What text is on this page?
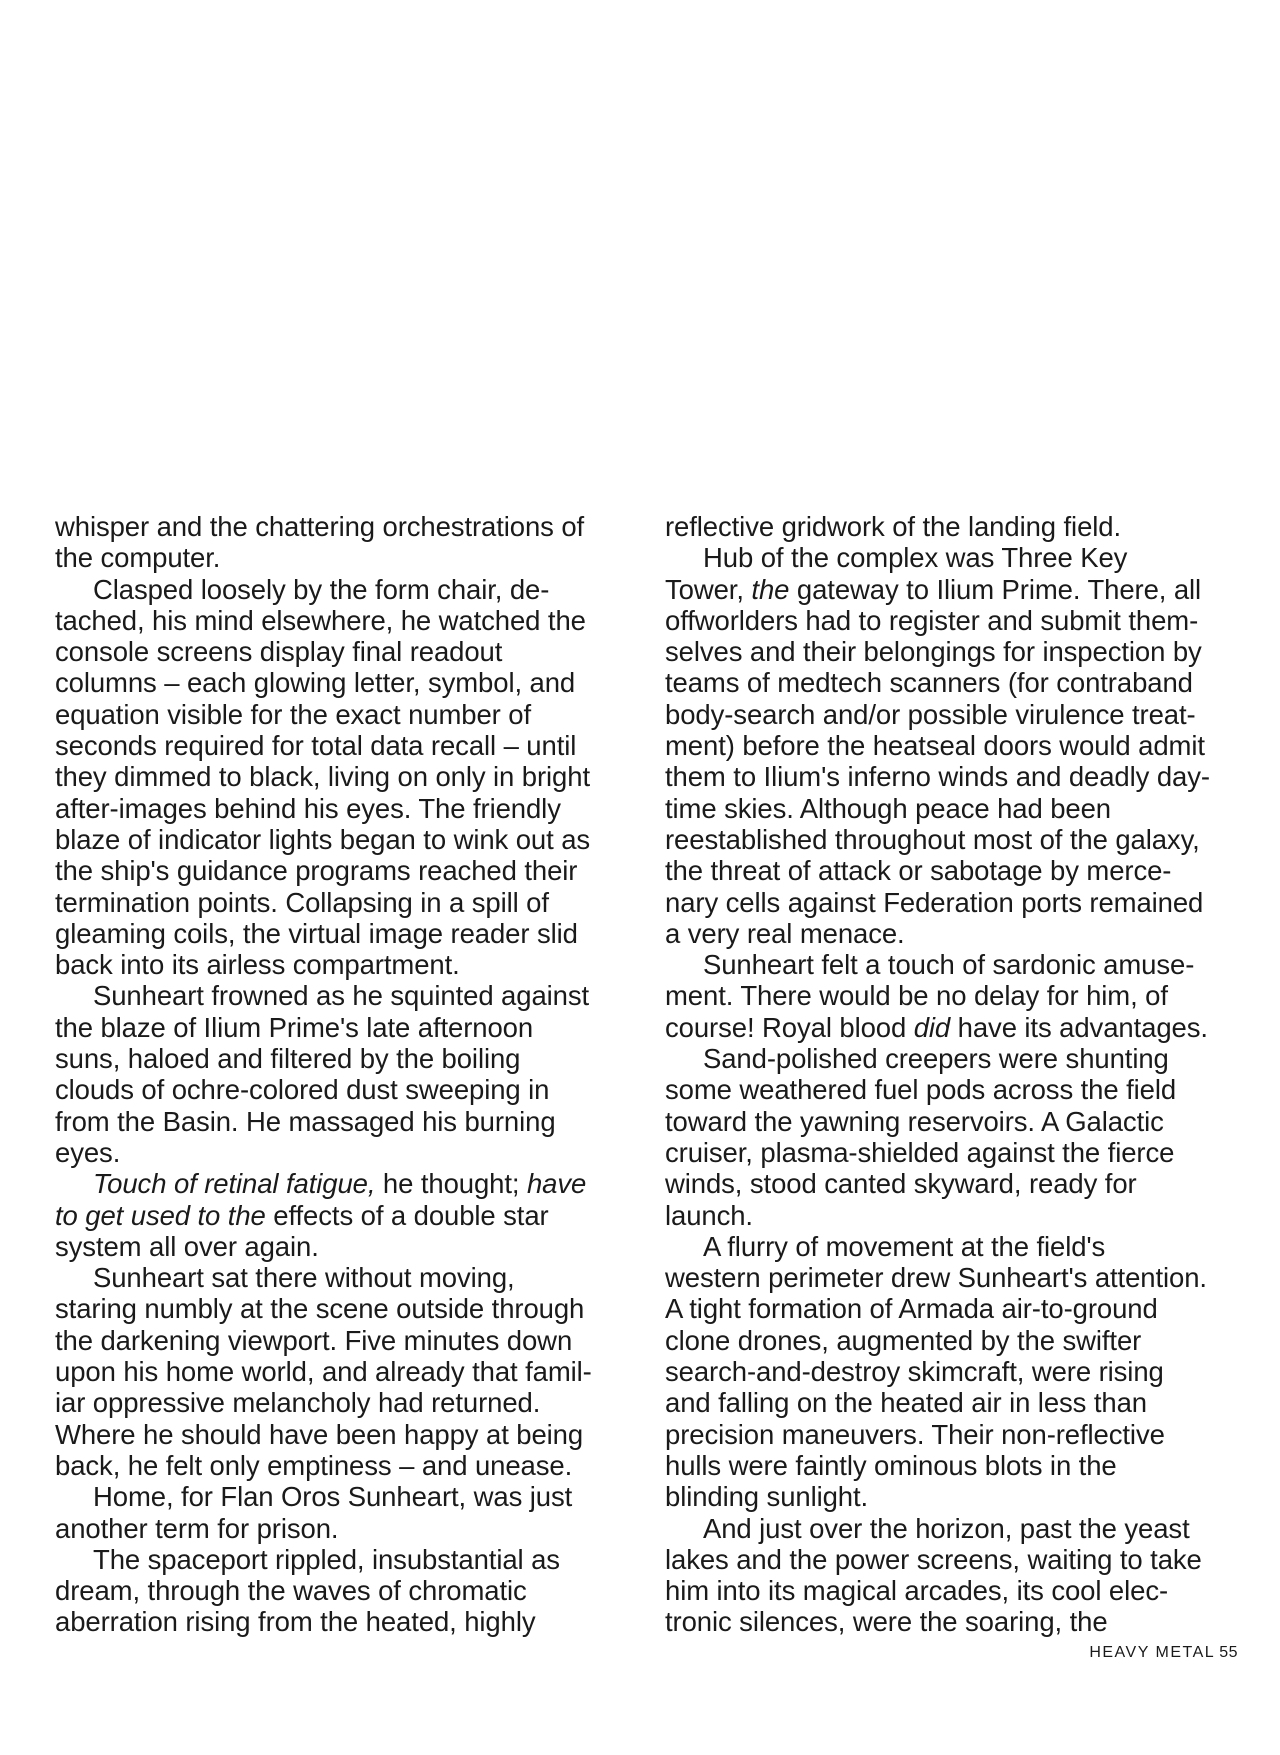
whisper and the chattering orchestrations of
the computer.
Clasped loosely by the form chair, de-
tached, his mind elsewhere, he watched the
console screens display final readout
columns – each glowing letter, symbol, and
equation visible for the exact number of
seconds required for total data recall – until
they dimmed to black, living on only in bright
after-images behind his eyes. The friendly
blaze of indicator lights began to wink out as
the ship's guidance programs reached their
termination points. Collapsing in a spill of
gleaming coils, the virtual image reader slid
back into its airless compartment.
Sunheart frowned as he squinted against
the blaze of Ilium Prime's late afternoon
suns, haloed and filtered by the boiling
clouds of ochre-colored dust sweeping in
from the Basin. He massaged his burning
eyes.
Touch of retinal fatigue, he thought; have
to get used to the effects of a double star
system all over again.
Sunheart sat there without moving,
staring numbly at the scene outside through
the darkening viewport. Five minutes down
upon his home world, and already that famil-
iar oppressive melancholy had returned.
Where he should have been happy at being
back, he felt only emptiness – and unease.
Home, for Flan Oros Sunheart, was just
another term for prison.
The spaceport rippled, insubstantial as
dream, through the waves of chromatic
aberration rising from the heated, highly
reflective gridwork of the landing field.
Hub of the complex was Three Key
Tower, the gateway to Ilium Prime. There, all
offworlders had to register and submit them-
selves and their belongings for inspection by
teams of medtech scanners (for contraband
body-search and/or possible virulence treat-
ment) before the heatseal doors would admit
them to Ilium's inferno winds and deadly day-
time skies. Although peace had been
reestablished throughout most of the galaxy,
the threat of attack or sabotage by merce-
nary cells against Federation ports remained
a very real menace.
Sunheart felt a touch of sardonic amuse-
ment. There would be no delay for him, of
course! Royal blood did have its advantages.
Sand-polished creepers were shunting
some weathered fuel pods across the field
toward the yawning reservoirs. A Galactic
cruiser, plasma-shielded against the fierce
winds, stood canted skyward, ready for
launch.
A flurry of movement at the field's
western perimeter drew Sunheart's attention.
A tight formation of Armada air-to-ground
clone drones, augmented by the swifter
search-and-destroy skimcraft, were rising
and falling on the heated air in less than
precision maneuvers. Their non-reflective
hulls were faintly ominous blots in the
blinding sunlight.
And just over the horizon, past the yeast
lakes and the power screens, waiting to take
him into its magical arcades, its cool elec-
tronic silences, were the soaring, the
HEAVY METAL 55
